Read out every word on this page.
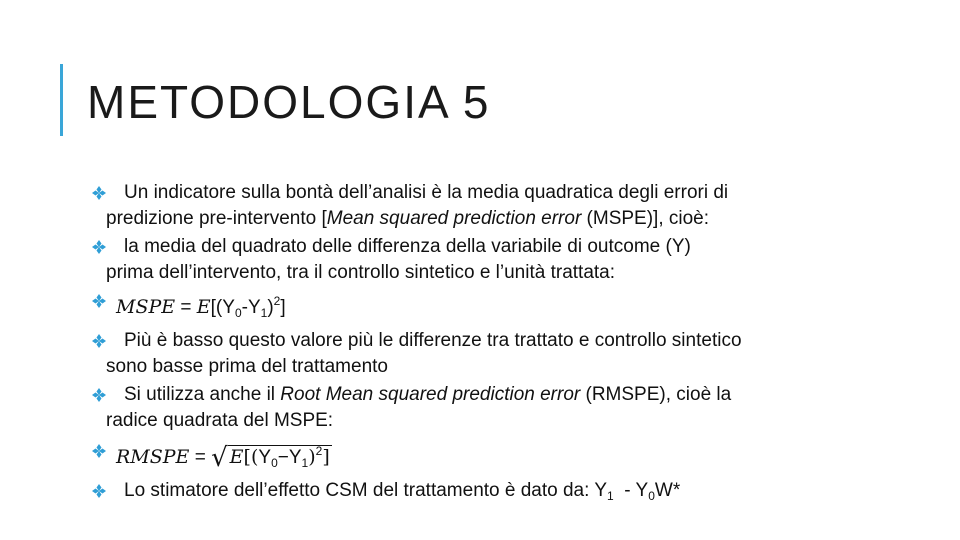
METODOLOGIA 5
Un indicatore sulla bontà dell’analisi è la media quadratica degli errori di
predizione pre-intervento [Mean squared prediction error (MSPE)], cioè:
la media del quadrato delle differenza della variabile di outcome (Y)
prima dell’intervento, tra il controllo sintetico e l’unità trattata:
MSPE = $E[(Y_0-Y_1)^2]$
Più è basso questo valore più le differenze tra trattato e controllo sintetico
sono basse prima del trattamento
Si utilizza anche il Root Mean squared prediction error (RMSPE), cioè la
radice quadrata del MSPE:
RMSPE = √ $E[(Y_0-Y_1)^2]$
Lo stimatore dell’effetto CSM del trattamento è dato da: $Y_1 - Y_0W*$
